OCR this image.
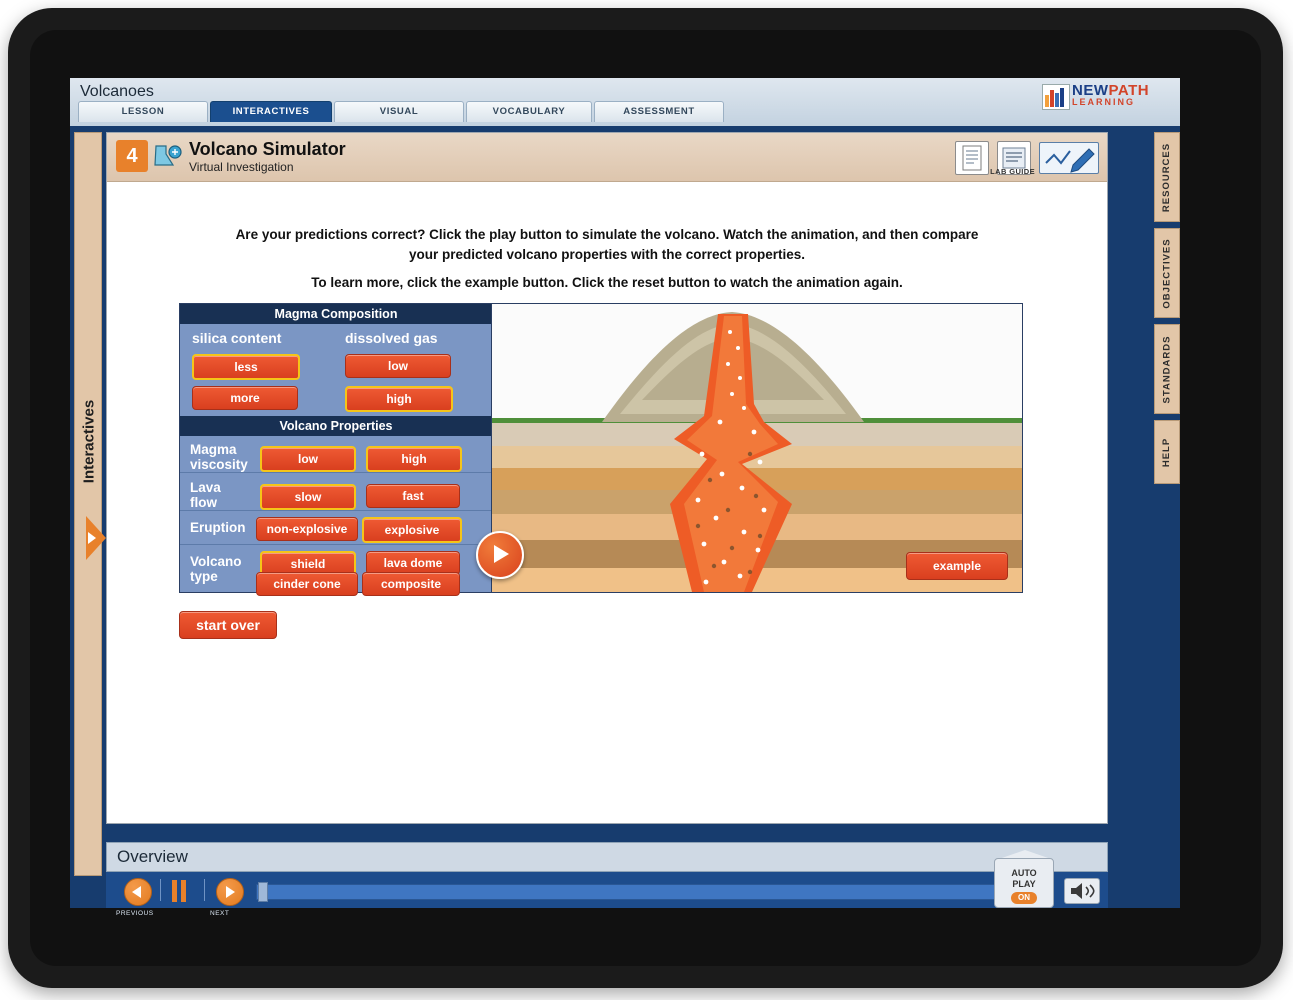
Volcanoes	NEWPATH
LEARNING
LESSON	INTERACTIVES	VISUAL	VOCABULARY	ASSESSMENT
Interactives
RESOURCES
OBJECTIVES
STANDARDS
HELP
4	Volcano Simulator
Virtual Investigation	LAB GUIDE
Are your predictions correct? Click the play button to simulate the volcano. Watch the animation, and then compare
your predicted volcano properties with the correct properties.
To learn more, click the example button. Click the reset button to watch the animation again.
Magma Composition
silica content	dissolved gas
less	low
more	high
Volcano Properties
Magma
viscosity	low	high
Lava
flow	slow	fast
Eruption	non-explosive	explosive
Volcano
type
shield	lava dome
cinder cone	composite
example
start over
Overview
PREVIOUS	NEXT
AUTO
PLAY
ON
